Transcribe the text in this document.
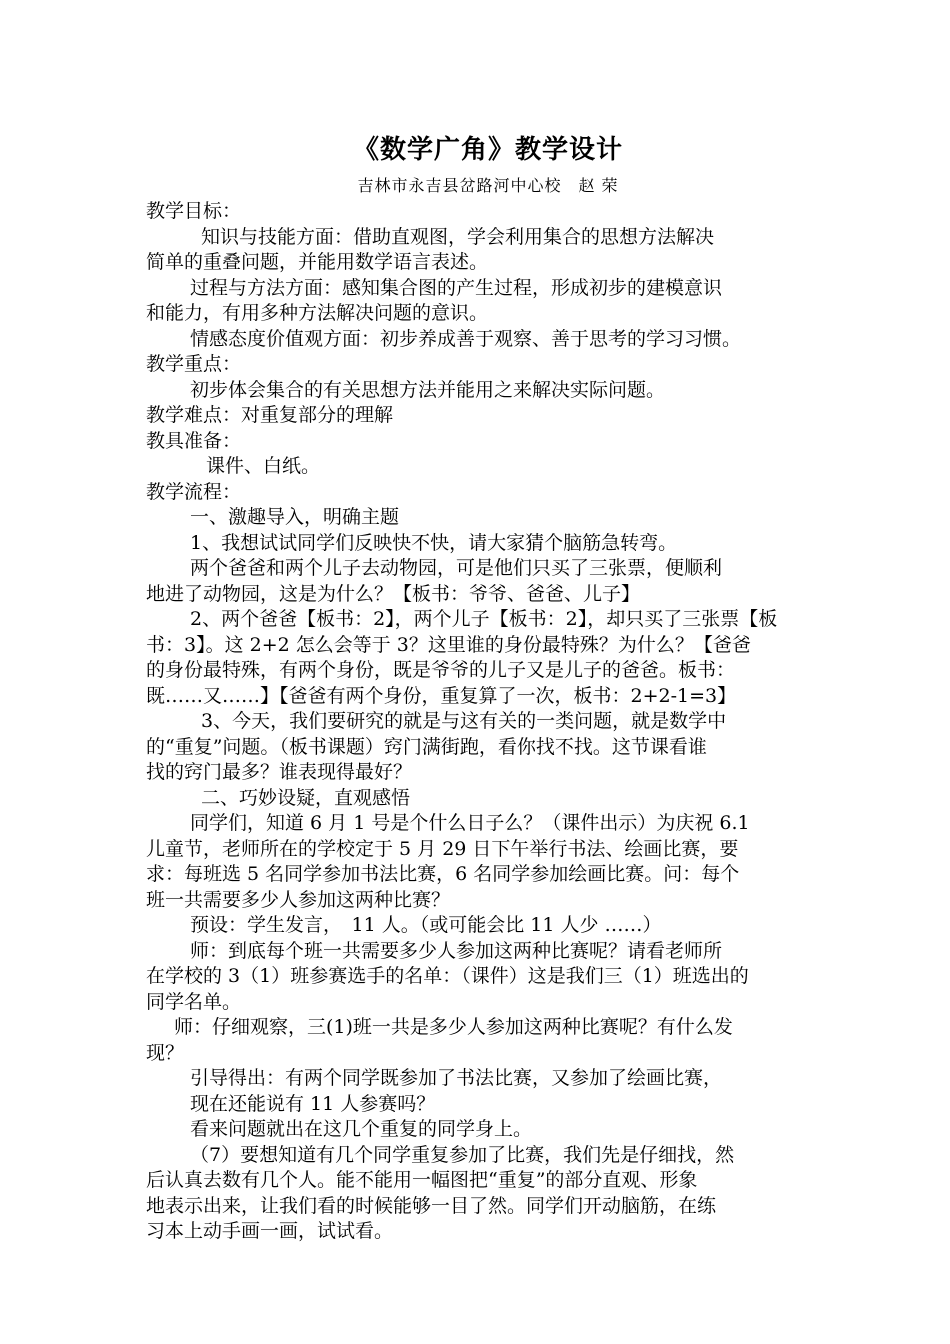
《数学广角》教学设计

吉林市永吉县岔路河中心校　赵 荣

教学目标：

知识与技能方面：借助直观图，学会利用集合的思想方法解决

简单的重叠问题，并能用数学语言表述。

过程与方法方面：感知集合图的产生过程，形成初步的建模意识

和能力，有用多种方法解决问题的意识。

情感态度价值观方面：初步养成善于观察、善于思考的学习习惯。

教学重点：

初步体会集合的有关思想方法并能用之来解决实际问题。

教学难点：对重复部分的理解

教具准备：

课件、白纸。

教学流程：

一、激趣导入，明确主题

1、我想试试同学们反映快不快，请大家猜个脑筋急转弯。

两个爸爸和两个儿子去动物园，可是他们只买了三张票，便顺利

地进了动物园，这是为什么？【板书：爷爷、爸爸、儿子】

2、两个爸爸【板书：2】，两个儿子【板书：2】，却只买了三张票【板

书：3】。这 2+2 怎么会等于 3？这里谁的身份最特殊？为什么？【爸爸

的身份最特殊，有两个身份，既是爷爷的儿子又是儿子的爸爸。板书：

既……又……】【爸爸有两个身份，重复算了一次，板书：2+2-1=3】

3、今天，我们要研究的就是与这有关的一类问题，就是数学中

的“重复”问题。（板书课题）窍门满街跑，看你找不找。这节课看谁

找的窍门最多？谁表现得最好？

二、巧妙设疑，直观感悟

同学们，知道 6 月 1 号是个什么日子么？（课件出示）为庆祝 6.1

儿童节，老师所在的学校定于 5 月 29 日下午举行书法、绘画比赛，要

求：每班选 5 名同学参加书法比赛，6 名同学参加绘画比赛。问：每个

班一共需要多少人参加这两种比赛？

预设：学生发言，　11 人。（或可能会比 11 人少 ……）

师：到底每个班一共需要多少人参加这两种比赛呢？请看老师所

在学校的 3（1）班参赛选手的名单：（课件）这是我们三（1）班选出的

同学名单。

师：仔细观察，三(1)班一共是多少人参加这两种比赛呢？有什么发

现？

引导得出：有两个同学既参加了书法比赛，又参加了绘画比赛，

现在还能说有 11 人参赛吗？

看来问题就出在这几个重复的同学身上。

（7）要想知道有几个同学重复参加了比赛，我们先是仔细找，然

后认真去数有几个人。能不能用一幅图把“重复”的部分直观、形象

地表示出来，让我们看的时候能够一目了然。同学们开动脑筋，在练

习本上动手画一画，试试看。
